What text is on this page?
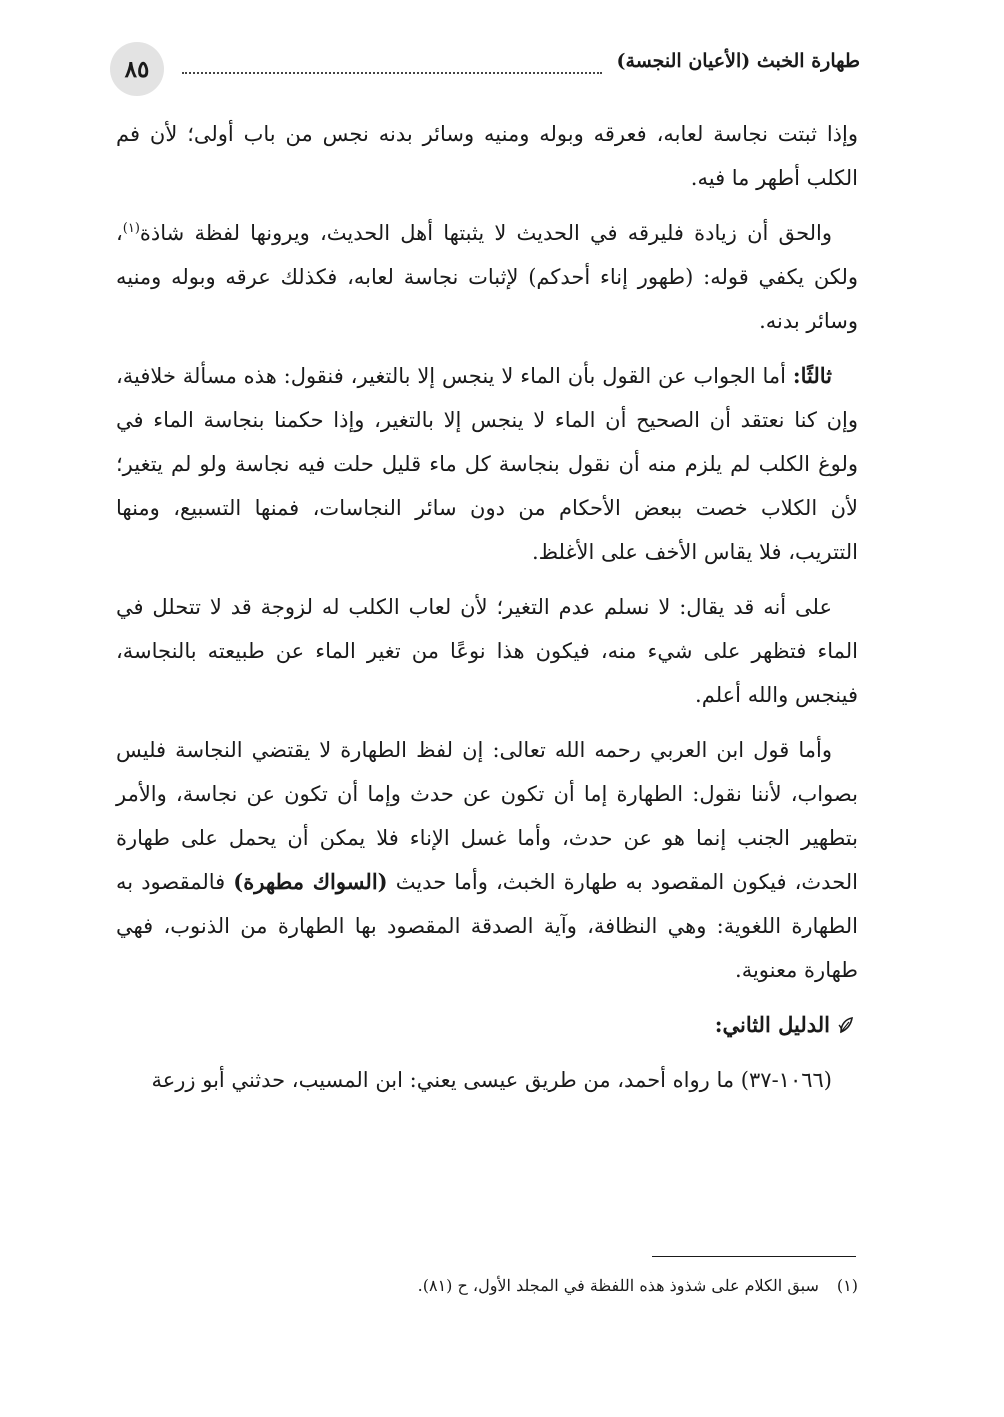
٨٥	طهارة الخبث (الأعيان النجسة)

وإذا ثبتت نجاسة لعابه، فعرقه وبوله ومنيه وسائر بدنه نجس من باب أولى؛ لأن فم الكلب أطهر ما فيه.

والحق أن زيادة فليرقه في الحديث لا يثبتها أهل الحديث، ويرونها لفظة شاذة$^{(١)}$، ولكن يكفي قوله: (طهور إناء أحدكم) لإثبات نجاسة لعابه، فكذلك عرقه وبوله ومنيه وسائر بدنه.

ثالثًا: أما الجواب عن القول بأن الماء لا ينجس إلا بالتغير، فنقول: هذه مسألة خلافية، وإن كنا نعتقد أن الصحيح أن الماء لا ينجس إلا بالتغير، وإذا حكمنا بنجاسة الماء في ولوغ الكلب لم يلزم منه أن نقول بنجاسة كل ماء قليل حلت فيه نجاسة ولو لم يتغير؛ لأن الكلاب خصت ببعض الأحكام من دون سائر النجاسات، فمنها التسبيع، ومنها التتريب، فلا يقاس الأخف على الأغلظ.

على أنه قد يقال: لا نسلم عدم التغير؛ لأن لعاب الكلب له لزوجة قد لا تتحلل في الماء فتظهر على شيء منه، فيكون هذا نوعًا من تغير الماء عن طبيعته بالنجاسة، فينجس والله أعلم.

وأما قول ابن العربي رحمه الله تعالى: إن لفظ الطهارة لا يقتضي النجاسة فليس بصواب، لأننا نقول: الطهارة إما أن تكون عن حدث وإما أن تكون عن نجاسة، والأمر بتطهير الجنب إنما هو عن حدث، وأما غسل الإناء فلا يمكن أن يحمل على طهارة الحدث، فيكون المقصود به طهارة الخبث، وأما حديث (السواك مطهرة) فالمقصود به الطهارة اللغوية: وهي النظافة، وآية الصدقة المقصود بها الطهارة من الذنوب، فهي طهارة معنوية.

الدليل الثاني:

(١٠٦٦-٣٧) ما رواه أحمد، من طريق عيسى يعني: ابن المسيب، حدثني أبو زرعة

(١)سبق الكلام على شذوذ هذه اللفظة في المجلد الأول، ح (٨١).
